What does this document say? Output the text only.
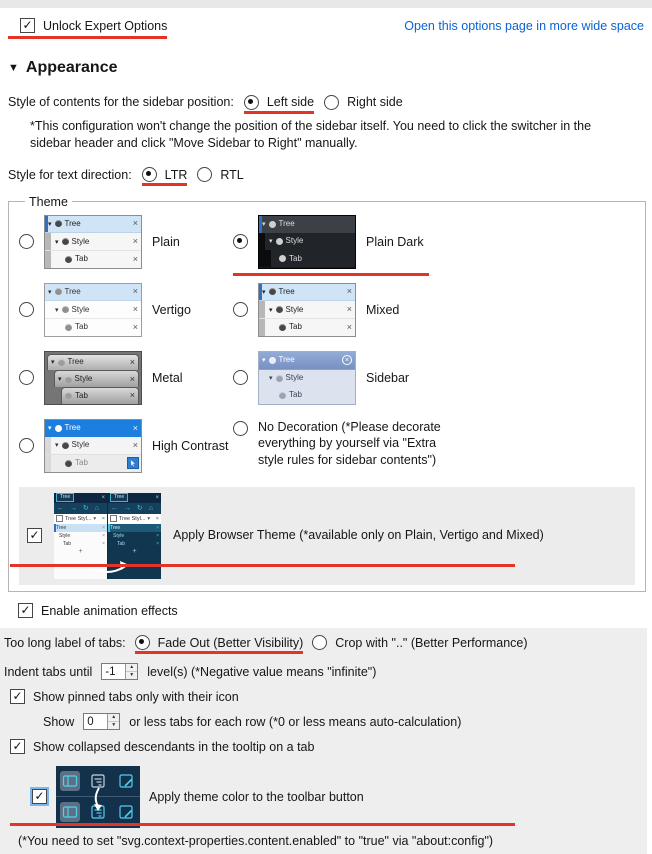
✓
Unlock Expert Options	Open this options page in more wide space
▼ Appearance
Style of contents for the sidebar position:	Left side	Right side

*This configuration won't change the position of the sidebar itself. You need to click the switcher in the sidebar header and click "Move Sidebar to Right" manually.

Style for text direction:	LTR	RTL
Theme
▾
Tree
×
▾
Style
×
Tab
×
Plain
▾
Tree
▾
Style
Tab
Plain Dark
▾
Tree
×
▾
Style
×
Tab
×
Vertigo
▾
Tree
×
▾
Style
×
Tab
×
Mixed
▾
Tree
×
▾
Style
×
Tab
×
Metal
▾
Tree
×
▾
Style
Tab
Sidebar
▾
Tree
×
▾
Style
×
Tab
High Contrast
No Decoration (*Please decorate everything by yourself via "Extra style rules for sidebar contents")
✓
Tree	×
← → ↻ ⌂
Tree Styl... ▾ ×
Tree	×
Style	×
Tab	×
+
Tree	×
← → ↻ ⌂
Tree Styl... ▾ ×
Tree	×
Style	×
Tab	×
+
Apply Browser Theme (*available only on Plain, Vertigo and Mixed)
✓
Enable animation effects
Too long label of tabs:	Fade Out (Better Visibility)	Crop with ".." (Better Performance)
Indent tabs until -1	▲
▼ level(s) (*Negative value means "infinite")
✓
Show pinned tabs only with their icon
Show 0	▲
▼ or less tabs for each row (*0 or less means auto-calculation)
✓
Show collapsed descendants in the tooltip on a tab
✓
Apply theme color to the toolbar button

(*You need to set "svg.context-properties.content.enabled" to "true" via "about:config")
